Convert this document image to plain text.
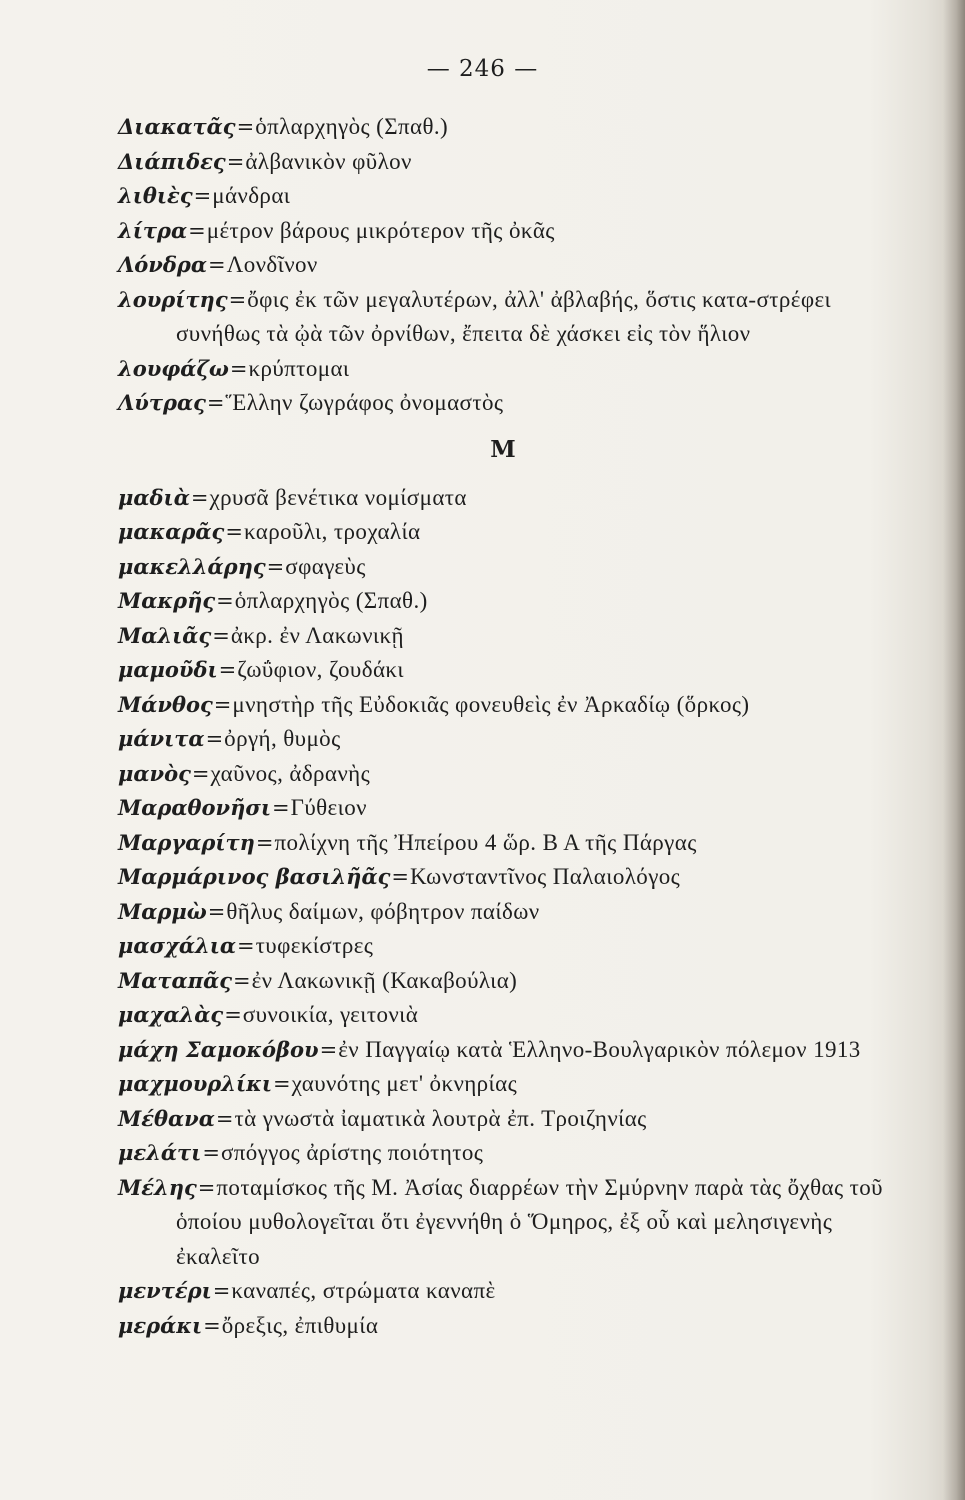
— 246 —

Διακατᾶς=ὁπλαρχηγὸς (Σπαθ.)

Διάπιδες=ἀλβανικὸν φῦλον

λιθιὲς=μάνδραι

λίτρα=μέτρον βάρους μικρότερον τῆς ὀκᾶς

Λόνδρα=Λονδῖνον

λουρίτης=ὄφις ἐκ τῶν μεγαλυτέρων, ἀλλ' ἀβλαβής, ὅστις κατα-στρέφει συνήθως τὰ ᾠὰ τῶν ὀρνίθων, ἔπειτα δὲ χάσκει εἰς τὸν ἥλιον

λουφάζω=κρύπτομαι

Λύτρας=Ἕλλην ζωγράφος ὀνομαστὸς

Μ

μαδιὰ=χρυσᾶ βενέτικα νομίσματα

μακαρᾶς=καροῦλι, τροχαλία

μακελλάρης=σφαγεὺς

Μακρῆς=ὁπλαρχηγὸς (Σπαθ.)

Μαλιᾶς=ἀκρ. ἐν Λακωνικῇ

μαμοῦδι=ζωΰφιον, ζουδάκι

Μάνθος=μνηστὴρ τῆς Εὐδοκιᾶς φονευθεὶς ἐν Ἀρκαδίῳ (ὅρκος)

μάνιτα=ὀργή, θυμὸς

μανὸς=χαῦνος, ἀδρανὴς

Μαραθονῆσι=Γύθειον

Μαργαρίτη=πολίχνη τῆς Ἠπείρου 4 ὥρ. Β Α τῆς Πάργας

Μαρμάρινος βασιλῆᾶς=Κωνσταντῖνος Παλαιολόγος

Μαρμὼ=θῆλυς δαίμων, φόβητρον παίδων

μασχάλια=τυφεκίστρες

Ματαπᾶς=ἐν Λακωνικῇ (Κακαβούλια)

μαχαλὰς=συνοικία, γειτονιὰ

μάχη Σαμοκόβου=ἐν Παγγαίῳ κατὰ Ἑλληνο-Βουλγαρικὸν πόλεμον 1913

μαχμουρλίκι=χαυνότης μετ' ὀκνηρίας

Μέθανα=τὰ γνωστὰ ἰαματικὰ λουτρὰ ἐπ. Τροιζηνίας

μελάτι=σπόγγος ἀρίστης ποιότητος

Μέλης=ποταμίσκος τῆς Μ. Ἀσίας διαρρέων τὴν Σμύρνην παρὰ τὰς ὄχθας τοῦ ὁποίου μυθολογεῖται ὅτι ἐγεννήθη ὁ Ὅμηρος, ἐξ οὗ καὶ μελησιγενὴς ἐκαλεῖτο

μεντέρι=καναπές, στρώματα καναπὲ

μεράκι=ὄρεξις, ἐπιθυμία
